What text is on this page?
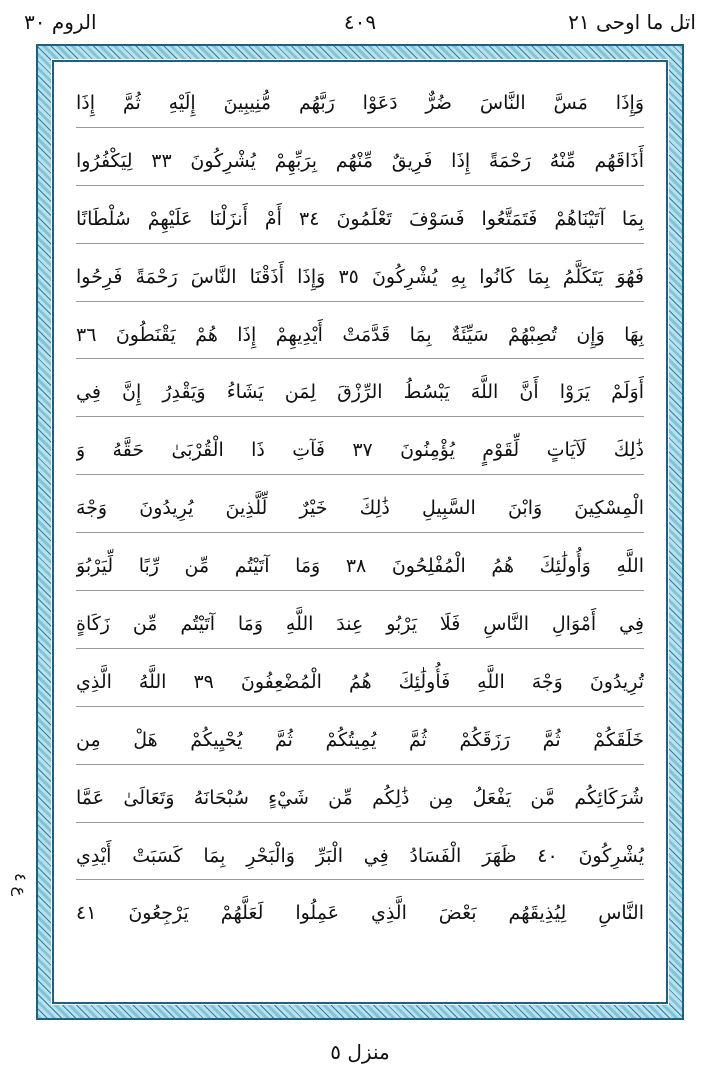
اتل ما اوحی ٢١
٤٠٩
الروم ٣٠
ع ٤
وَإِذَا مَسَّ النَّاسَ ضُرٌّ دَعَوْا رَبَّهُم مُّنِيبِينَ إِلَيْهِ ثُمَّ إِذَا
أَذَاقَهُم مِّنْهُ رَحْمَةً إِذَا فَرِيقٌ مِّنْهُم بِرَبِّهِمْ يُشْرِكُونَ ٣٣ لِيَكْفُرُوا
بِمَا آتَيْنَاهُمْ فَتَمَتَّعُوا فَسَوْفَ تَعْلَمُونَ ٣٤ أَمْ أَنزَلْنَا عَلَيْهِمْ سُلْطَانًا
فَهُوَ يَتَكَلَّمُ بِمَا كَانُوا بِهِ يُشْرِكُونَ ٣٥ وَإِذَا أَذَقْنَا النَّاسَ رَحْمَةً فَرِحُوا
بِهَا وَإِن تُصِبْهُمْ سَيِّئَةٌ بِمَا قَدَّمَتْ أَيْدِيهِمْ إِذَا هُمْ يَقْنَطُونَ ٣٦
أَوَلَمْ يَرَوْا أَنَّ اللَّهَ يَبْسُطُ الرِّزْقَ لِمَن يَشَاءُ وَيَقْدِرُ إِنَّ فِي
ذَٰلِكَ لَآيَاتٍ لِّقَوْمٍ يُؤْمِنُونَ ٣٧ فَآتِ ذَا الْقُرْبَىٰ حَقَّهُ وَ
الْمِسْكِينَ وَابْنَ السَّبِيلِ ذَٰلِكَ خَيْرٌ لِّلَّذِينَ يُرِيدُونَ وَجْهَ
اللَّهِ وَأُولَٰئِكَ هُمُ الْمُفْلِحُونَ ٣٨ وَمَا آتَيْتُم مِّن رِّبًا لِّيَرْبُوَ
فِي أَمْوَالِ النَّاسِ فَلَا يَرْبُو عِندَ اللَّهِ وَمَا آتَيْتُم مِّن زَكَاةٍ
تُرِيدُونَ وَجْهَ اللَّهِ فَأُولَٰئِكَ هُمُ الْمُضْعِفُونَ ٣٩ اللَّهُ الَّذِي
خَلَقَكُمْ ثُمَّ رَزَقَكُمْ ثُمَّ يُمِيتُكُمْ ثُمَّ يُحْيِيكُمْ هَلْ مِن
شُرَكَائِكُم مَّن يَفْعَلُ مِن ذَٰلِكُم مِّن شَيْءٍ سُبْحَانَهُ وَتَعَالَىٰ عَمَّا
يُشْرِكُونَ ٤٠ ظَهَرَ الْفَسَادُ فِي الْبَرِّ وَالْبَحْرِ بِمَا كَسَبَتْ أَيْدِي
النَّاسِ لِيُذِيقَهُم بَعْضَ الَّذِي عَمِلُوا لَعَلَّهُمْ يَرْجِعُونَ ٤١
منزل ٥
